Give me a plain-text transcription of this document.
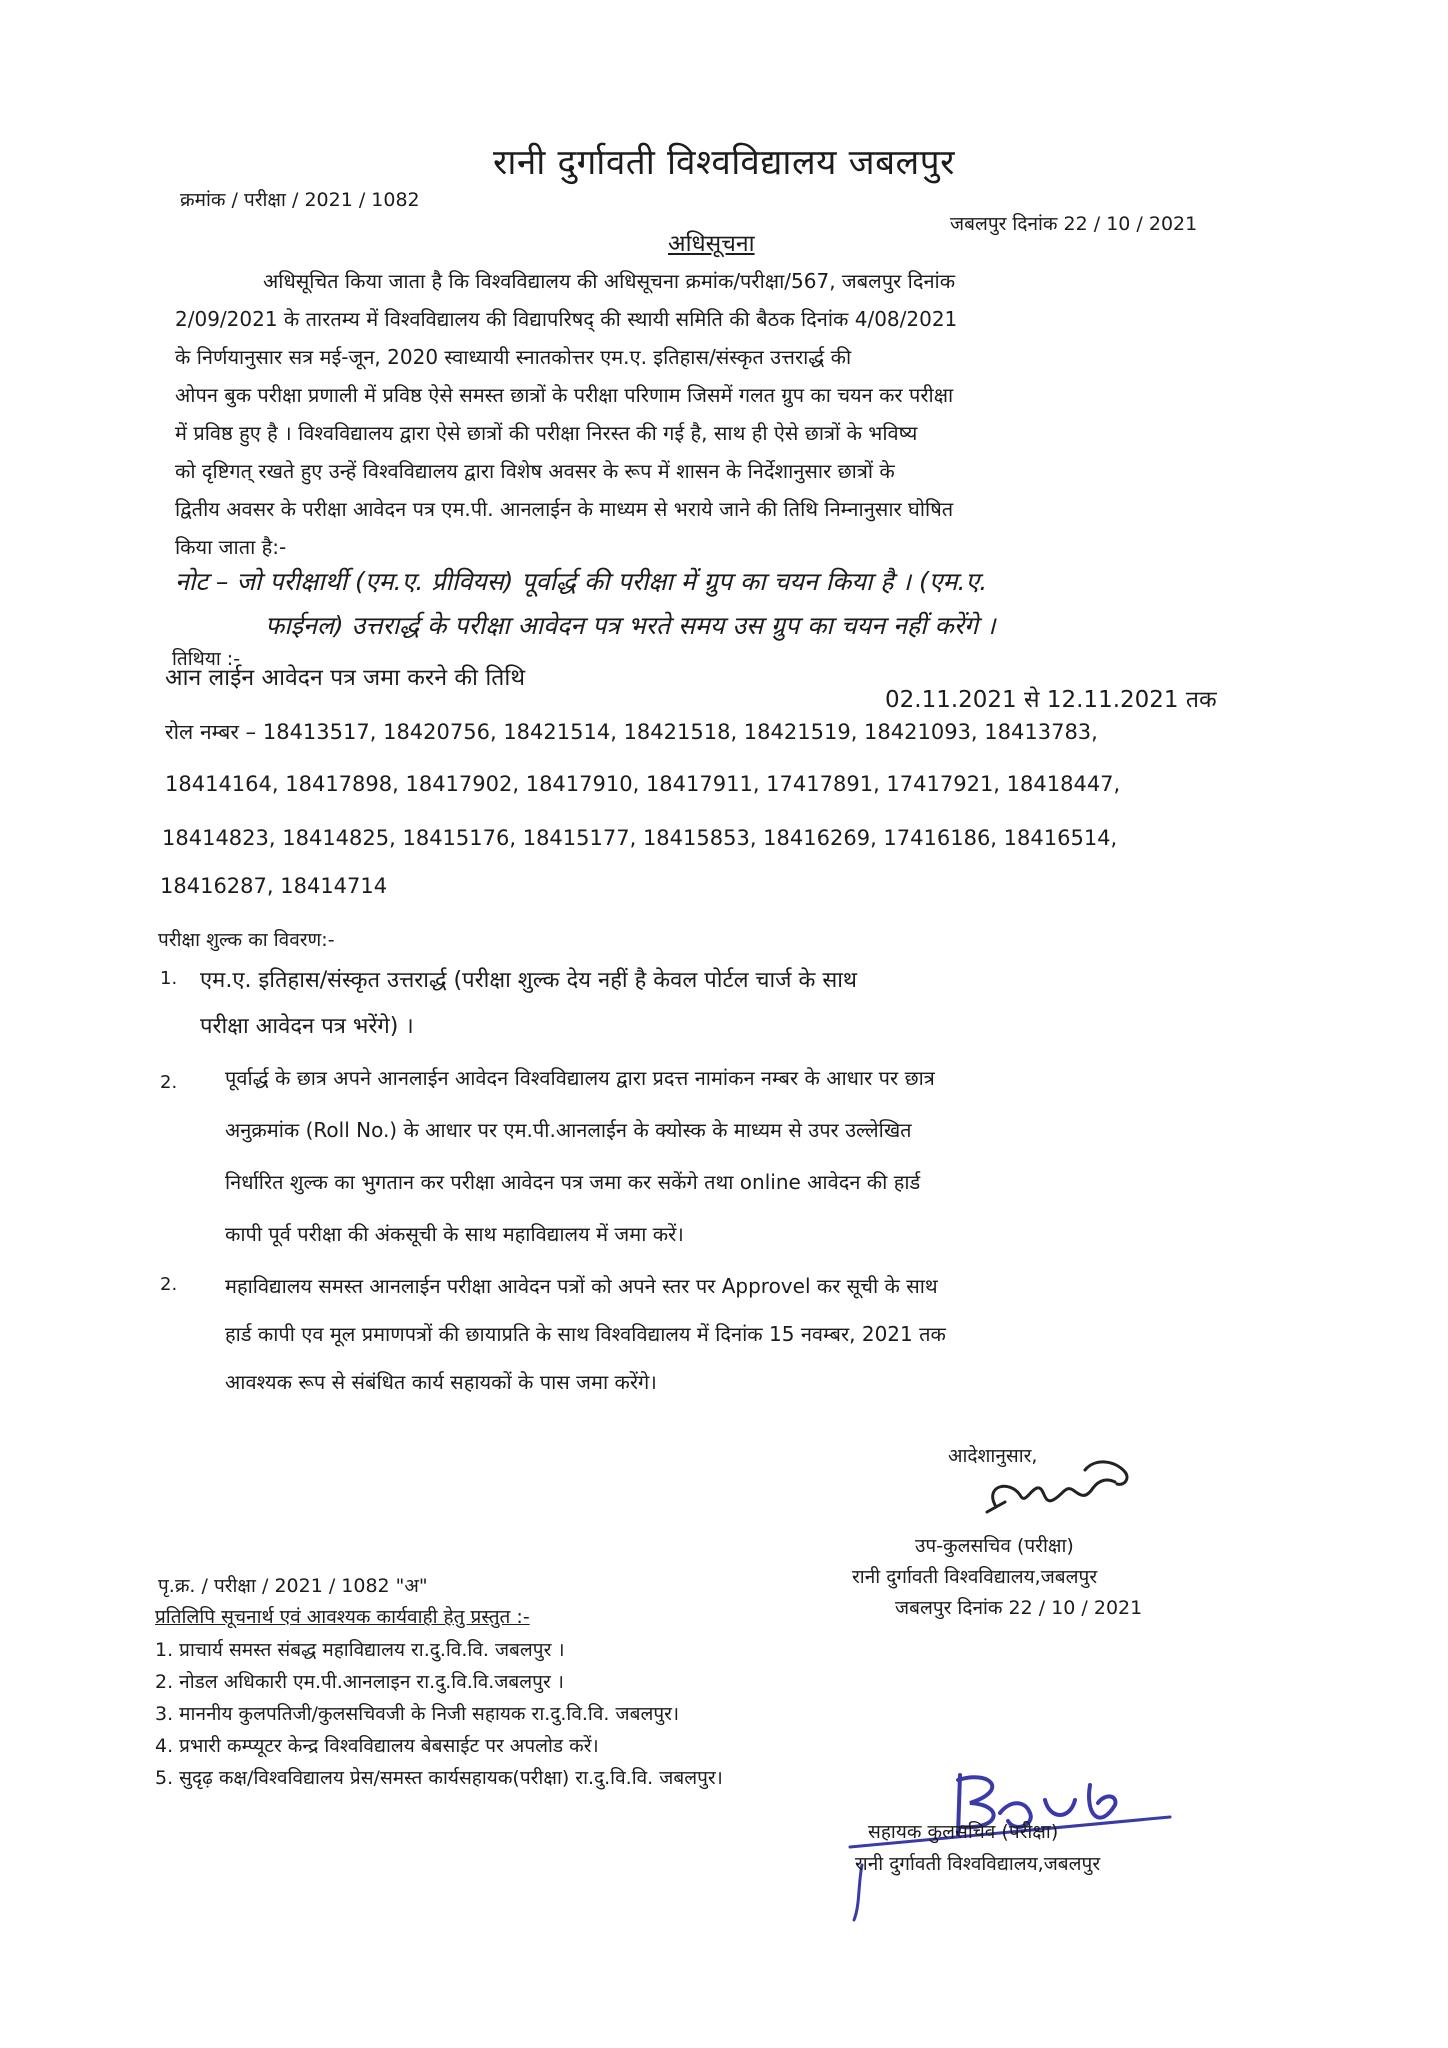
रानी दुर्गावती विश्वविद्यालय जबलपुर
क्रमांक / परीक्षा / 2021 / 1082
जबलपुर दिनांक 22 / 10 / 2021
अधिसूचना
अधिसूचित किया जाता है कि विश्वविद्यालय की अधिसूचना क्रमांक/परीक्षा/567, जबलपुर दिनांक
2/09/2021 के तारतम्य में विश्वविद्यालय की विद्यापरिषद् की स्थायी समिति की बैठक दिनांक 4/08/2021
के निर्णयानुसार सत्र मई-जून, 2020 स्वाध्यायी स्नातकोत्तर एम.ए. इतिहास/संस्कृत उत्तरार्द्ध की
ओपन बुक परीक्षा प्रणाली में प्रविष्ठ ऐसे समस्त छात्रों के परीक्षा परिणाम जिसमें गलत ग्रुप का चयन कर परीक्षा
में प्रविष्ठ हुए है । विश्वविद्यालय द्वारा ऐसे छात्रों की परीक्षा निरस्त की गई है, साथ ही ऐसे छात्रों के भविष्य
को दृष्टिगत् रखते हुए उन्हें विश्वविद्यालय द्वारा विशेष अवसर के रूप में शासन के निर्देशानुसार छात्रों के
द्वितीय अवसर के परीक्षा आवेदन पत्र एम.पी. आनलाईन के माध्यम से भराये जाने की तिथि निम्नानुसार घोषित
किया जाता है:-
नोट – जो परीक्षार्थी (एम.ए. प्रीवियस) पूर्वार्द्ध की परीक्षा में ग्रुप का चयन किया है । (एम.ए.
फाईनल) उत्तरार्द्ध के परीक्षा आवेदन पत्र भरते समय उस ग्रुप का चयन नहीं करेंगे ।
तिथिया :-
आन लाईन आवेदन पत्र जमा करने की तिथि
02.11.2021 से 12.11.2021 तक
रोल नम्बर – 18413517, 18420756, 18421514, 18421518, 18421519, 18421093, 18413783,
18414164, 18417898, 18417902, 18417910, 18417911, 17417891, 17417921, 18418447,
18414823, 18414825, 18415176, 18415177, 18415853, 18416269, 17416186, 18416514,
18416287, 18414714
परीक्षा शुल्क का विवरण:-
1. एम.ए. इतिहास/संस्कृत उत्तरार्द्ध (परीक्षा शुल्क देय नहीं है केवल पोर्टल चार्ज के साथ
परीक्षा आवेदन पत्र भरेंगे) ।
2. पूर्वार्द्ध के छात्र अपने आनलाईन आवेदन विश्वविद्यालय द्वारा प्रदत्त नामांकन नम्बर के आधार पर छात्र
अनुक्रमांक (Roll No.) के आधार पर एम.पी.आनलाईन के क्योस्क के माध्यम से उपर उल्लेखित
निर्धारित शुल्क का भुगतान कर परीक्षा आवेदन पत्र जमा कर सकेंगे तथा online आवेदन की हार्ड
कापी पूर्व परीक्षा की अंकसूची के साथ महाविद्यालय में जमा करें।
2. महाविद्यालय समस्त आनलाईन परीक्षा आवेदन पत्रों को अपने स्तर पर Approvel कर सूची के साथ
हार्ड कापी एव मूल प्रमाणपत्रों की छायाप्रति के साथ विश्वविद्यालय में दिनांक 15 नवम्बर, 2021 तक
आवश्यक रूप से संबंधित कार्य सहायकों के पास जमा करेंगे।
आदेशानुसार,
उप-कुलसचिव (परीक्षा)
रानी दुर्गावती विश्वविद्यालय,जबलपुर
जबलपुर दिनांक 22 / 10 / 2021
पृ.क्र. / परीक्षा / 2021 / 1082 "अ"
प्रतिलिपि सूचनार्थ एवं आवश्यक कार्यवाही हेतु प्रस्तुत :-
1. प्राचार्य समस्त संबद्ध महाविद्यालय रा.दु.वि.वि. जबलपुर ।
2. नोडल अधिकारी एम.पी.आनलाइन रा.दु.वि.वि.जबलपुर ।
3. माननीय कुलपतिजी/कुलसचिवजी के निजी सहायक रा.दु.वि.वि. जबलपुर।
4. प्रभारी कम्प्यूटर केन्द्र विश्वविद्यालय बेबसाईट पर अपलोड करें।
5. सुदृढ़ कक्ष/विश्वविद्यालय प्रेस/समस्त कार्यसहायक(परीक्षा) रा.दु.वि.वि. जबलपुर।
सहायक कुलसचिव (परीक्षा)
रानी दुर्गावती विश्वविद्यालय,जबलपुर
